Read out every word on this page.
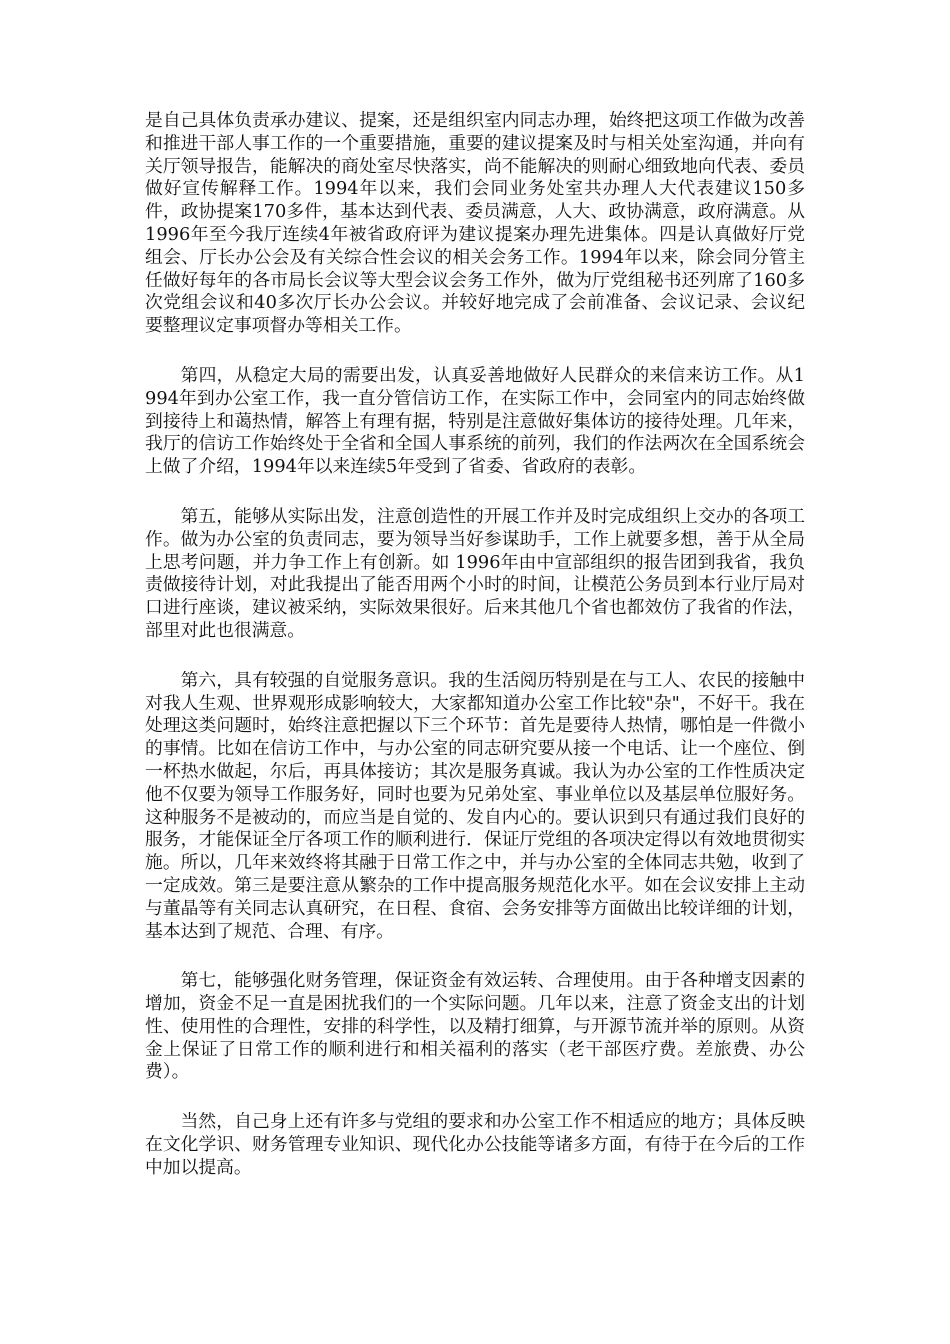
是自己具体负责承办建议、提案，还是组织室内同志办理，始终把这项工作做为改善和推进干部人事工作的一个重要措施，重要的建议提案及时与相关处室沟通，并向有关厅领导报告，能解决的商处室尽快落实，尚不能解决的则耐心细致地向代表、委员做好宣传解释工作。1994年以来，我们会同业务处室共办理人大代表建议150多件，政协提案170多件，基本达到代表、委员满意，人大、政协满意，政府满意。从1996年至今我厅连续4年被省政府评为建议提案办理先进集体。四是认真做好厅党组会、厅长办公会及有关综合性会议的相关会务工作。1994年以来，除会同分管主任做好每年的各市局长会议等大型会议会务工作外，做为厅党组秘书还列席了160多次党组会议和40多次厅长办公会议。并较好地完成了会前准备、会议记录、会议纪要整理议定事项督办等相关工作。

第四，从稳定大局的需要出发，认真妥善地做好人民群众的来信来访工作。从1994年到办公室工作，我一直分管信访工作，在实际工作中，会同室内的同志始终做到接待上和蔼热情，解答上有理有据，特别是注意做好集体访的接待处理。几年来，我厅的信访工作始终处于全省和全国人事系统的前列，我们的作法两次在全国系统会上做了介绍，1994年以来连续5年受到了省委、省政府的表彰。

第五，能够从实际出发，注意创造性的开展工作并及时完成组织上交办的各项工作。做为办公室的负责同志，要为领导当好参谋助手，工作上就要多想，善于从全局上思考问题，并力争工作上有创新。如 1996年由中宣部组织的报告团到我省，我负责做接待计划，对此我提出了能否用两个小时的时间，让模范公务员到本行业厅局对口进行座谈，建议被采纳，实际效果很好。后来其他几个省也都效仿了我省的作法，部里对此也很满意。

第六，具有较强的自觉服务意识。我的生活阅历特别是在与工人、农民的接触中对我人生观、世界观形成影响较大，大家都知道办公室工作比较"杂"，不好干。我在处理这类问题时，始终注意把握以下三个环节：首先是要待人热情，哪怕是一件微小的事情。比如在信访工作中，与办公室的同志研究要从接一个电话、让一个座位、倒一杯热水做起，尔后，再具体接访；其次是服务真诚。我认为办公室的工作性质决定他不仅要为领导工作服务好，同时也要为兄弟处室、事业单位以及基层单位服好务。这种服务不是被动的，而应当是自觉的、发自内心的。要认识到只有通过我们良好的服务，才能保证全厅各项工作的顺利进行．保证厅党组的各项决定得以有效地贯彻实施。所以，几年来效终将其融于日常工作之中，并与办公室的全体同志共勉，收到了一定成效。第三是要注意从繁杂的工作中提高服务规范化水平。如在会议安排上主动与董晶等有关同志认真研究，在日程、食宿、会务安排等方面做出比较详细的计划，基本达到了规范、合理、有序。

第七，能够强化财务管理，保证资金有效运转、合理使用。由于各种增支因素的增加，资金不足一直是困扰我们的一个实际问题。几年以来，注意了资金支出的计划性、使用性的合理性，安排的科学性，以及精打细算，与开源节流并举的原则。从资金上保证了日常工作的顺利进行和相关福利的落实（老干部医疗费。差旅费、办公费）。

当然，自己身上还有许多与党组的要求和办公室工作不相适应的地方；具体反映在文化学识、财务管理专业知识、现代化办公技能等诸多方面，有待于在今后的工作中加以提高。
